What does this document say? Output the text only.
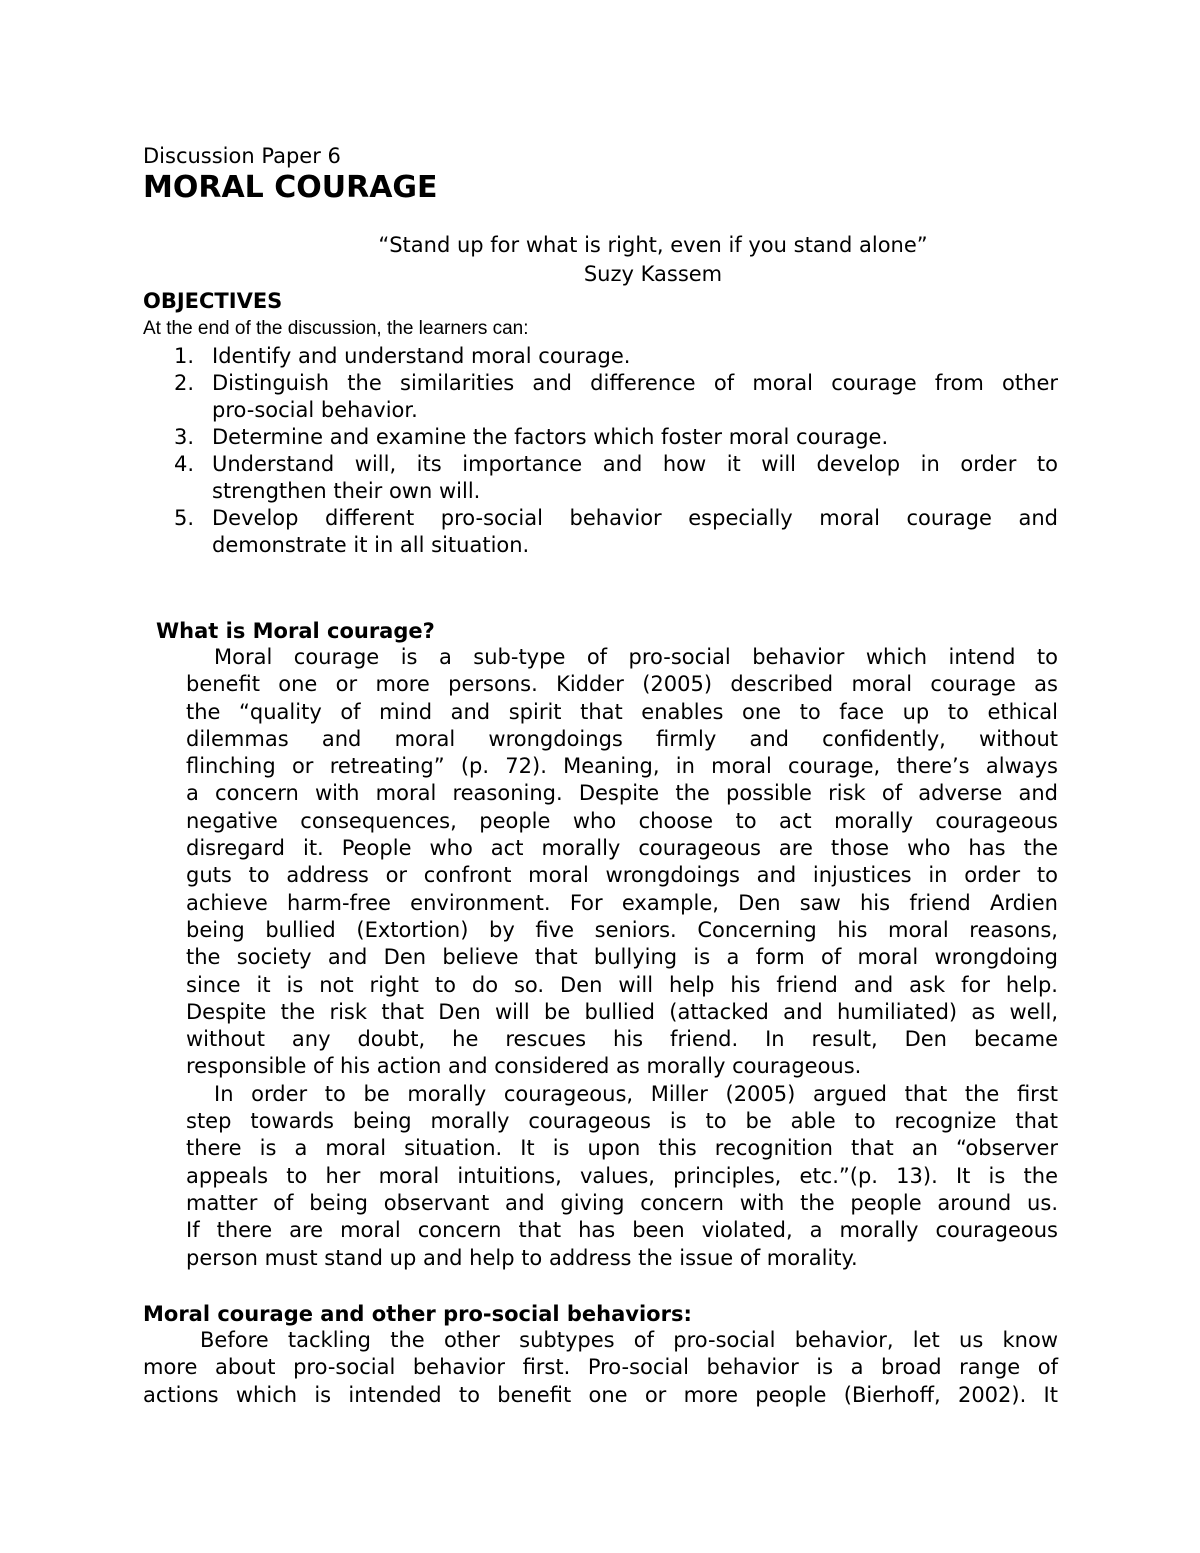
Discussion Paper 6
MORAL COURAGE
“Stand up for what is right, even if you stand alone”
Suzy Kassem
OBJECTIVES
At the end of the discussion, the learners can:
1. Identify and understand moral courage.
2. Distinguish the similarities and difference of moral courage from other
pro-social behavior.
3. Determine and examine the factors which foster moral courage.
4. Understand will, its importance and how it will develop in order to
strengthen their own will.
5. Develop different pro-social behavior especially moral courage and
demonstrate it in all situation.
What is Moral courage?
Moral courage is a sub-type of pro-social behavior which intend to
benefit one or more persons. Kidder (2005) described moral courage as
the “quality of mind and spirit that enables one to face up to ethical
dilemmas and moral wrongdoings firmly and confidently, without
flinching or retreating” (p. 72). Meaning, in moral courage, there’s always
a concern with moral reasoning. Despite the possible risk of adverse and
negative consequences, people who choose to act morally courageous
disregard it. People who act morally courageous are those who has the
guts to address or confront moral wrongdoings and injustices in order to
achieve harm-free environment. For example, Den saw his friend Ardien
being bullied (Extortion) by five seniors. Concerning his moral reasons,
the society and Den believe that bullying is a form of moral wrongdoing
since it is not right to do so. Den will help his friend and ask for help.
Despite the risk that Den will be bullied (attacked and humiliated) as well,
without any doubt, he rescues his friend. In result, Den became
responsible of his action and considered as morally courageous.
In order to be morally courageous, Miller (2005) argued that the first
step towards being morally courageous is to be able to recognize that
there is a moral situation. It is upon this recognition that an “observer
appeals to her moral intuitions, values, principles, etc.”(p. 13). It is the
matter of being observant and giving concern with the people around us.
If there are moral concern that has been violated, a morally courageous
person must stand up and help to address the issue of morality.
Moral courage and other pro-social behaviors:
Before tackling the other subtypes of pro-social behavior, let us know
more about pro-social behavior first. Pro-social behavior is a broad range of
actions which is intended to benefit one or more people (Bierhoff, 2002). It
